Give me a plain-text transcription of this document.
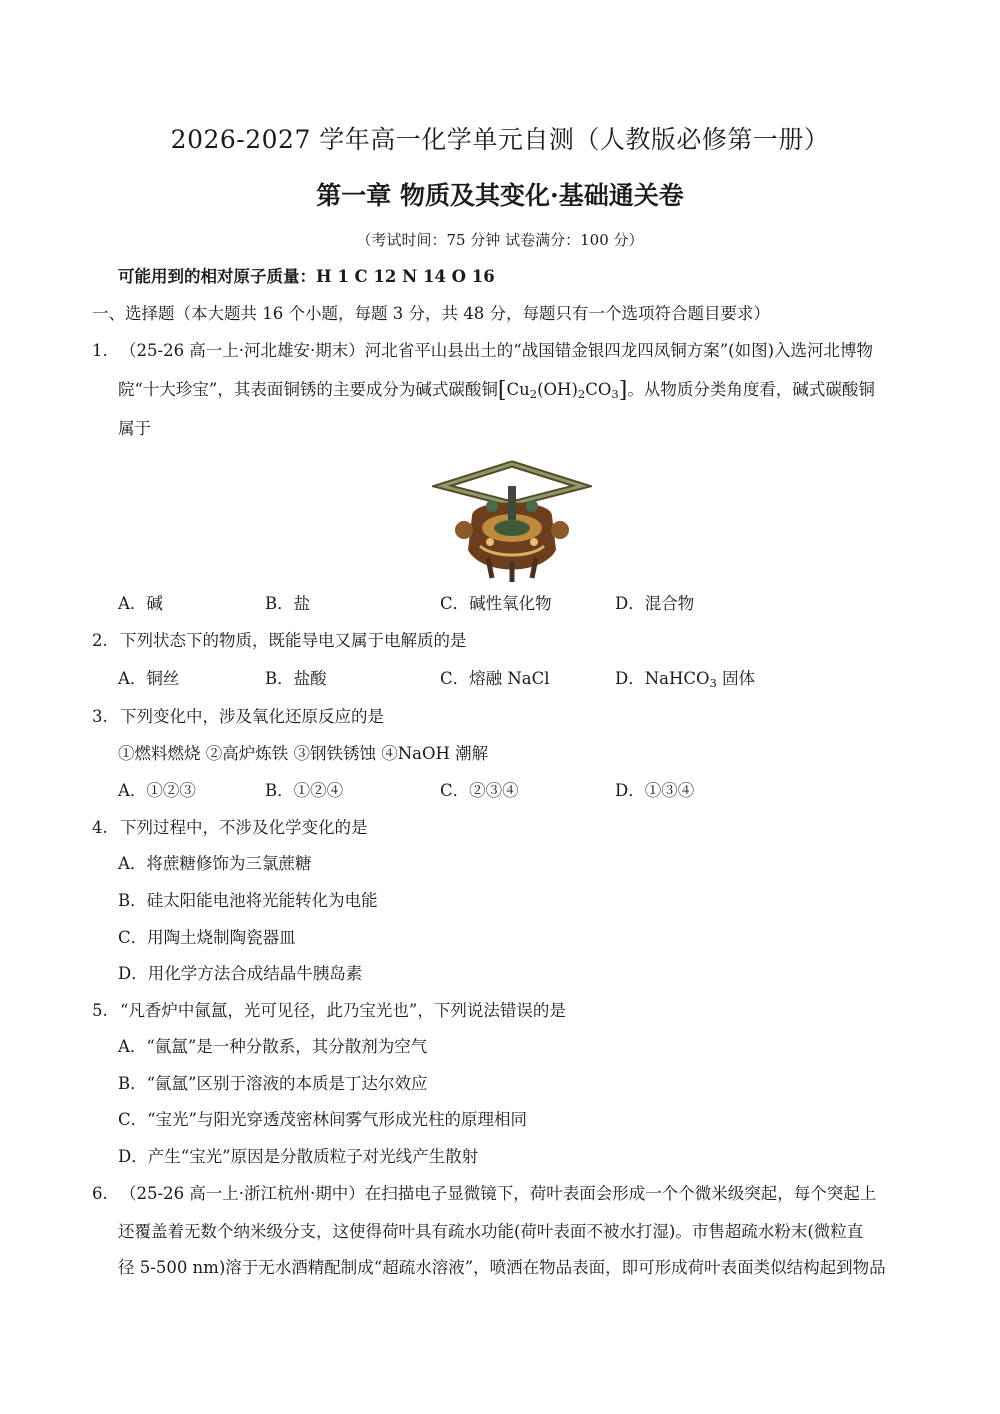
2026-2027 学年高一化学单元自测（人教版必修第一册）
第一章 物质及其变化·基础通关卷
（考试时间：75 分钟 试卷满分：100 分）
可能用到的相对原子质量：H 1 C 12 N 14 O 16
一、选择题（本大题共 16 个小题，每题 3 分，共 48 分，每题只有一个选项符合题目要求）
1. （25-26 高一上·河北雄安·期末）河北省平山县出土的“战国错金银四龙四凤铜方案”(如图)入选河北博物
院“十大珍宝”，其表面铜锈的主要成分为碱式碳酸铜$[Cu_2(OH)_2CO_3]$。从物质分类角度看，碱式碳酸铜
属于
A．碱	B．盐	C．碱性氧化物	D．混合物
2. 下列状态下的物质，既能导电又属于电解质的是
A．铜丝	B．盐酸	C．熔融 NaCl	D．NaHCO$_3$ 固体
3. 下列变化中，涉及氧化还原反应的是
①燃料燃烧 ②高炉炼铁 ③钢铁锈蚀 ④NaOH 潮解
A．①②③	B．①②④	C．②③④	D．①③④
4. 下列过程中，不涉及化学变化的是
A．将蔗糖修饰为三氯蔗糖
B．硅太阳能电池将光能转化为电能
C．用陶土烧制陶瓷器皿
D．用化学方法合成结晶牛胰岛素
5. “凡香炉中氤氲，光可见径，此乃宝光也”，下列说法错误的是
A．“氤氲”是一种分散系，其分散剂为空气
B．“氤氲”区别于溶液的本质是丁达尔效应
C．“宝光”与阳光穿透茂密林间雾气形成光柱的原理相同
D．产生“宝光”原因是分散质粒子对光线产生散射
6. （25-26 高一上·浙江杭州·期中）在扫描电子显微镜下，荷叶表面会形成一个个微米级突起，每个突起上
还覆盖着无数个纳米级分支，这使得荷叶具有疏水功能(荷叶表面不被水打湿)。市售超疏水粉末(微粒直
径 5-500 nm)溶于无水酒精配制成“超疏水溶液”，喷洒在物品表面，即可形成荷叶表面类似结构起到物品
